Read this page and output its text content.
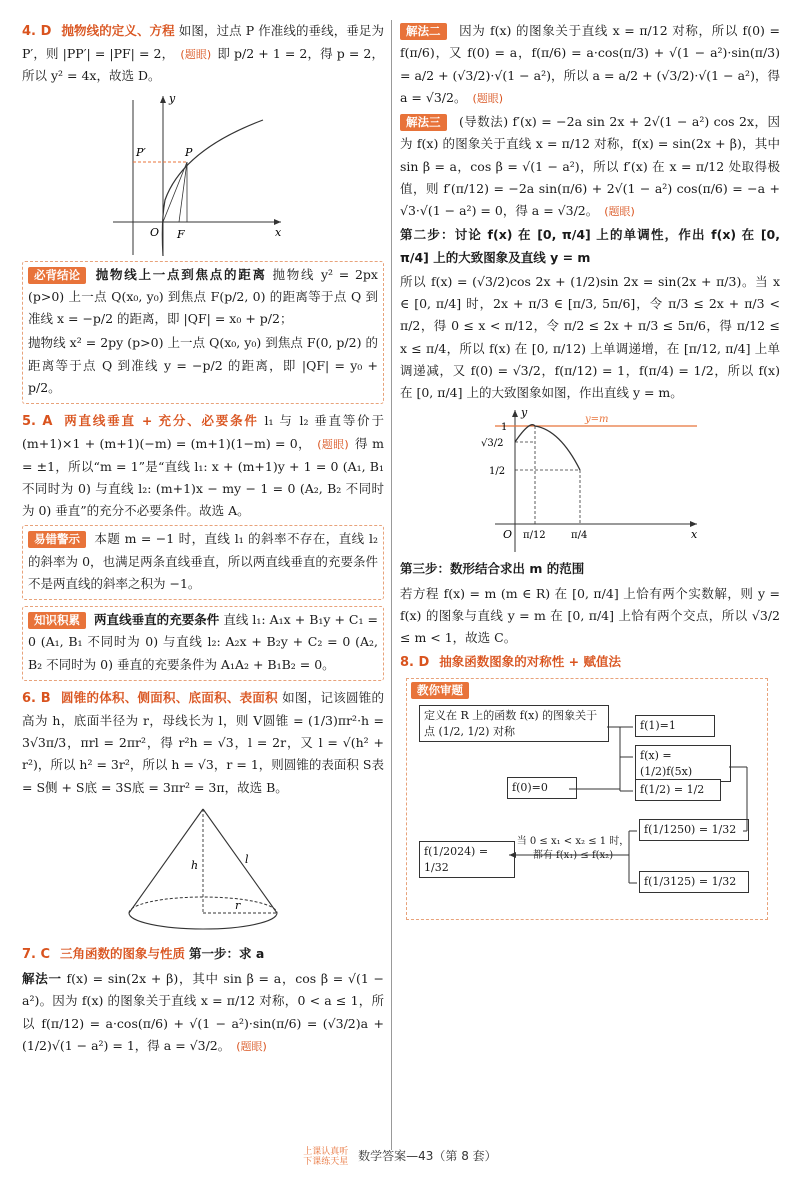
4. D 抛物线的定义、方程 如图，过点 P 作准线的垂线，垂足为 P′，则 |PP′| = |PF| = 2， (题眼) 即 p/2 + 1 = 2，得 p = 2，所以 y² = 4x，故选 D。

y
x
O F
P
P′

必背结论 抛物线上一点到焦点的距离 抛物线 y² = 2px (p>0) 上一点 Q(x₀, y₀) 到焦点 F(p/2, 0) 的距离等于点 Q 到准线 x = −p/2 的距离，即 |QF| = x₀ + p/2；

抛物线 x² = 2py (p>0) 上一点 Q(x₀, y₀) 到焦点 F(0, p/2) 的距离等于点 Q 到准线 y = −p/2 的距离，即 |QF| = y₀ + p/2。

5. A 两直线垂直 + 充分、必要条件 l₁ 与 l₂ 垂直等价于 (m+1)×1 + (m+1)(−m) = (m+1)(1−m) = 0， (题眼) 得 m = ±1，所以“m = 1”是“直线 l₁: x + (m+1)y + 1 = 0 (A₁, B₁ 不同时为 0) 与直线 l₂: (m+1)x − my − 1 = 0 (A₂, B₂ 不同时为 0) 垂直”的充分不必要条件。故选 A。

易错警示 本题 m = −1 时，直线 l₁ 的斜率不存在，直线 l₂ 的斜率为 0，也满足两条直线垂直，所以两直线垂直的充要条件不是两直线的斜率之积为 −1。

知识积累 两直线垂直的充要条件 直线 l₁: A₁x + B₁y + C₁ = 0 (A₁, B₁ 不同时为 0) 与直线 l₂: A₂x + B₂y + C₂ = 0 (A₂, B₂ 不同时为 0) 垂直的充要条件为 A₁A₂ + B₁B₂ = 0。

6. B 圆锥的体积、侧面积、底面积、表面积 如图，记该圆锥的高为 h，底面半径为 r，母线长为 l，则 V圆锥 = (1/3)πr²·h = 3√3π/3，πrl = 2πr²，得 r²h = √3，l = 2r，又 l = √(h² + r²)，所以 h² = 3r²，所以 h = √3，r = 1，则圆锥的表面积 S表 = S侧 + S底 = 3S底 = 3πr² = 3π，故选 B。

h	l
r

7. C 三角函数的图象与性质 第一步：求 a

解法一 f(x) = sin(2x + β)，其中 sin β = a，cos β = √(1 − a²)。因为 f(x) 的图象关于直线 x = π/12 对称，0 < a ≤ 1，所以 f(π/12) = a·cos(π/6) + √(1 − a²)·sin(π/6) = (√3/2)a + (1/2)√(1 − a²) = 1，得 a = √3/2。 (题眼)

解法二 因为 f(x) 的图象关于直线 x = π/12 对称，所以 f(0) = f(π/6)，又 f(0) = a，f(π/6) = a·cos(π/3) + √(1 − a²)·sin(π/3) = a/2 + (√3/2)·√(1 − a²)，所以 a = a/2 + (√3/2)·√(1 − a²)，得 a = √3/2。 (题眼)

解法三 (导数法) f′(x) = −2a sin 2x + 2√(1 − a²) cos 2x，因为 f(x) 的图象关于直线 x = π/12 对称，f(x) = sin(2x + β)，其中 sin β = a，cos β = √(1 − a²)，所以 f′(x) 在 x = π/12 处取得极值，则 f′(π/12) = −2a sin(π/6) + 2√(1 − a²) cos(π/6) = −a + √3·√(1 − a²) = 0，得 a = √3/2。 (题眼)

第二步：讨论 f(x) 在 [0, π/4] 上的单调性，作出 f(x) 在 [0, π/4] 上的大致图象及直线 y = m

所以 f(x) = (√3/2)cos 2x + (1/2)sin 2x = sin(2x + π/3)。当 x ∈ [0, π/4] 时，2x + π/3 ∈ [π/3, 5π/6]，令 π/3 ≤ 2x + π/3 < π/2，得 0 ≤ x < π/12，令 π/2 ≤ 2x + π/3 ≤ 5π/6，得 π/12 ≤ x ≤ π/4，所以 f(x) 在 [0, π/12) 上单调递增，在 [π/12, π/4] 上单调递减，又 f(0) = √3/2，f(π/12) = 1，f(π/4) = 1/2，所以 f(x) 在 [0, π/4] 上的大致图象如图，作出直线 y = m。

y
x
O
y=m
1
√3/2
1/2
π/12	π/4

第三步：数形结合求出 m 的范围

若方程 f(x) = m (m ∈ R) 在 [0, π/4] 上恰有两个实数解，则 y = f(x) 的图象与直线 y = m 在 [0, π/4] 上恰有两个交点，所以 √3/2 ≤ m < 1，故选 C。

8. D 抽象函数图象的对称性 + 赋值法

教你审题
定义在 R 上的函数 f(x) 的图象关于点 (1/2, 1/2) 对称	f(1)=1
f(x) = (1/2)f(5x)
f(0)=0	f(1/2) = 1/2
f(1/1250) = 1/32
f(1/2024) = 1/32
当 0 ≤ x₁ < x₂ ≤ 1 时，
都有 f(x₁) ≤ f(x₂)
f(1/3125) = 1/32
上课认真听
下课练天星 数学答案—43（第 8 套）
